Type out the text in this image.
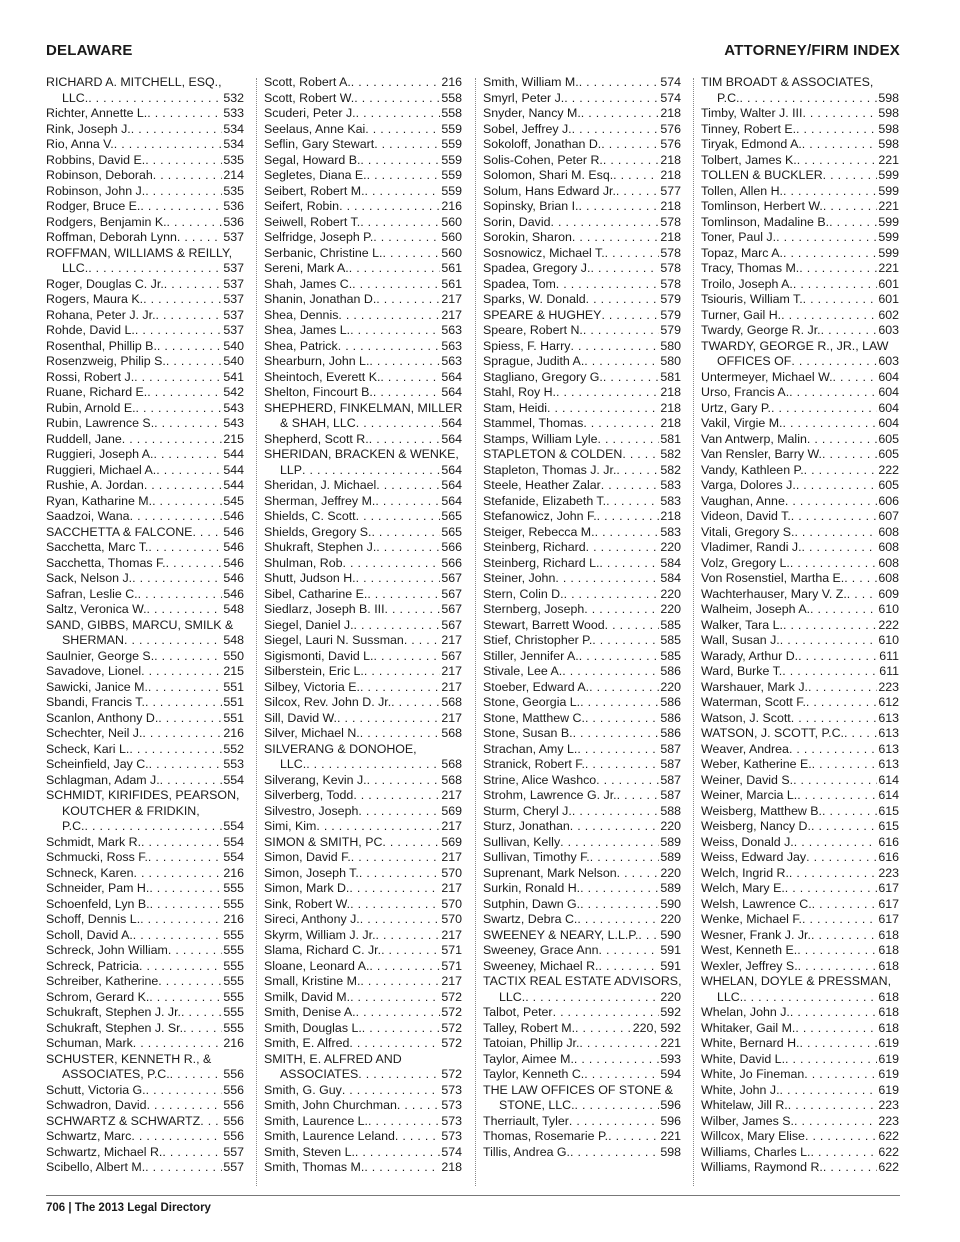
DELAWARE	ATTORNEY/FIRM INDEX
RICHARD A. MITCHELL, ESQ.,
LLC. . . .	532
Richter, Annette L. . . .	533
Rink, Joseph J. . . .	534
Rio, Anna V. . . .	534
Robbins, David E. . . .	535
Robinson, Deborah . . .	214
Robinson, John J. . . .	535
Rodger, Bruce E. . . .	536
Rodgers, Benjamin K. . . .	536
Roffman, Deborah Lynn . . .	537
ROFFMAN, WILLIAMS & REILLY,
LLC. . . .	537
Roger, Douglas C. Jr. . . .	537
Rogers, Maura K. . . .	537
Rohana, Peter J. Jr. . . .	537
Rohde, David L. . . .	537
Rosenthal, Phillip B. . . .	540
Rosenzweig, Philip S. . . .	540
Rossi, Robert J. . . .	541
Ruane, Richard E. . . .	542
Rubin, Arnold E. . . .	543
Rubin, Lawrence S. . . .	543
Ruddell, Jane . . .	215
Ruggieri, Joseph A. . . .	544
Ruggieri, Michael A. . . .	544
Rushie, A. Jordan . . .	544
Ryan, Katharine M. . . .	545
Saadzoi, Wana . . .	546
SACCHETTA & FALCONE . . . 546
Sacchetta, Marc T. . . .	546
Sacchetta, Thomas F. . . .	546
Sack, Nelson J. . . .	546
Safran, Leslie C. . . .	546
Saltz, Veronica W. . . .	548
SAND, GIBBS, MARCU, SMILK &
SHERMAN . . .	548
Saulnier, George S. . . .	550
Savadove, Lionel . . .	215
Sawicki, Janice M. . . .	551
Sbandi, Francis T. . . .	551
Scanlon, Anthony D. . . .	551
Schechter, Neil J. . . .	216
Scheck, Kari L. . . .	552
Scheinfield, Jay C. . . .	553
Schlagman, Adam J. . . .	554
SCHMIDT, KIRIFIDES, PEARSON,
KOUTCHER & FRIDKIN,
P.C. . . .	554
Schmidt, Mark R. . . .	554
Schmucki, Ross F. . . .	554
Schneck, Karen . . .	216
Schneider, Pam H. . . .	555
Schoenfeld, Lyn B. . . .	555
Schoff, Dennis L. . . .	216
Scholl, David A. . . .	555
Schreck, John William . . .	555
Schreck, Patricia . . .	555
Schreiber, Katherine . . .	555
Schrom, Gerard K. . . .	555
Schukraft, Stephen J. Jr. . . .	555
Schukraft, Stephen J. Sr. . . .	555
Schuman, Mark . . .	216
SCHUSTER, KENNETH R., &
ASSOCIATES, P.C. . . .	556
Schutt, Victoria G. . . .	556
Schwadron, David . . .	556
SCHWARTZ & SCHWARTZ . . . 556
Schwartz, Marc . . .	556
Schwartz, Michael R. . . .	557
Scibello, Albert M. . . .	557
Scott, Robert A. . . .	216
Scott, Robert W. . . .	558
Scuderi, Peter J. . . .	558
Seelaus, Anne Kai . . .	559
Seflin, Gary Stewart . . .	559
Segal, Howard B. . . .	559
Segletes, Diana E. . . .	559
Seibert, Robert M. . . .	559
Seifert, Robin . . .	216
Seiwell, Robert T. . . .	560
Selfridge, Joseph P. . . .	560
Serbanic, Christine L. . . .	560
Sereni, Mark A. . . .	561
Shah, James C. . . .	561
Shanin, Jonathan D. . . .	217
Shea, Dennis . . .	217
Shea, James L. . . .	563
Shea, Patrick . . .	563
Shearburn, John L. . . .	563
Sheintoch, Everett K. . . .	564
Shelton, Fincourt B. . . .	564
SHEPHERD, FINKELMAN, MILLER
& SHAH, LLC . . .	564
Shepherd, Scott R. . . .	564
SHERIDAN, BRACKEN & WENKE,
LLP . . .	564
Sheridan, J. Michael . . .	564
Sherman, Jeffrey M. . . .	564
Shields, C. Scott . . .	565
Shields, Gregory S. . . .	565
Shukraft, Stephen J. . . .	566
Shulman, Rob . . .	566
Shutt, Judson H. . . .	567
Sibel, Catharine E. . . .	567
Siedlarz, Joseph B. III . . .	567
Siegel, Daniel J. . . .	567
Siegel, Lauri N. Sussman . . .	217
Sigismonti, David L. . . .	567
Silberstein, Eric L. . . .	217
Silbey, Victoria E. . . .	217
Silcox, Rev. John D. Jr. . . .	568
Sill, David W. . . .	217
Silver, Michael N. . . .	568
SILVERANG & DONOHOE,
LLC. . . .	568
Silverang, Kevin J. . . .	568
Silverberg, Todd . . .	217
Silvestro, Joseph . . .	569
Simi, Kim . . .	217
SIMON & SMITH, PC . . .	569
Simon, David F. . . .	217
Simon, Joseph T. . . .	570
Simon, Mark D. . . .	217
Sink, Robert W. . . .	570
Sireci, Anthony J. . . .	570
Skyrm, William J. Jr. . . .	217
Slama, Richard C. Jr. . . .	571
Sloane, Leonard A. . . .	571
Small, Kristine M. . . .	217
Smilk, David M. . . .	572
Smith, Denise A. . . .	572
Smith, Douglas L. . . .	572
Smith, E. Alfred . . .	572
SMITH, E. ALFRED AND
ASSOCIATES . . .	572
Smith, G. Guy . . .	573
Smith, John Churchman . . .	573
Smith, Laurence L. . . .	573
Smith, Laurence Leland . . .	573
Smith, Steven L. . . .	574
Smith, Thomas M. . . .	218
Smith, William M. . . .	574
Smyrl, Peter J. . . .	574
Snyder, Nancy M. . . .	218
Sobel, Jeffrey J. . . .	576
Sokoloff, Jonathan D. . . .	576
Solis-Cohen, Peter R. . . .	218
Solomon, Shari M. Esq. . . .	218
Solum, Hans Edward Jr. . . .	577
Sopinsky, Brian I. . . .	218
Sorin, David . . .	578
Sorokin, Sharon . . .	218
Sosnowicz, Michael T. . . .	578
Spadea, Gregory J. . . .	578
Spadea, Tom . . .	578
Sparks, W. Donald . . .	579
SPEARE & HUGHEY . . .	579
Speare, Robert N. . . .	579
Spiess, F. Harry . . .	580
Sprague, Judith A. . . .	580
Stagliano, Gregory G. . . .	581
Stahl, Roy H. . . .	218
Stam, Heidi . . .	218
Stammel, Thomas . . .	218
Stamps, William Lyle . . .	581
STAPLETON & COLDEN . . .	582
Stapleton, Thomas J. Jr. . . .	582
Steele, Heather Zalar . . .	583
Stefanide, Elizabeth T. . . .	583
Stefanowicz, John F. . . .	218
Steiger, Rebecca M. . . .	583
Steinberg, Richard . . .	220
Steinberg, Richard L. . . .	584
Steiner, John . . .	584
Stern, Colin D. . . .	220
Sternberg, Joseph . . .	220
Stewart, Barrett Wood . . .	585
Stief, Christopher P. . . .	585
Stiller, Jennifer A. . . .	585
Stivale, Lee A. . . .	586
Stoeber, Edward A. . . .	220
Stone, Georgia L. . . .	586
Stone, Matthew C. . . .	586
Stone, Susan B. . . .	586
Strachan, Amy L. . . .	587
Stranick, Robert F. . . .	587
Strine, Alice Washco . . .	587
Strohm, Lawrence G. Jr. . . .	587
Sturm, Cheryl J. . . .	588
Sturz, Jonathan . . .	220
Sullivan, Kelly . . .	589
Sullivan, Timothy F. . . .	589
Suprenant, Mark Nelson . . .	220
Surkin, Ronald H. . . .	589
Sutphin, Dawn G. . . .	590
Swartz, Debra C. . . .	220
SWEENEY & NEARY, L.L.P. . . . 590
Sweeney, Grace Ann . . .	591
Sweeney, Michael R. . . .	591
TACTIX REAL ESTATE ADVISORS,
LLC. . . .	220
Talbot, Peter . . .	592
Talley, Robert M. . . .	220, 592
Tatoian, Phillip Jr. . . .	221
Taylor, Aimee M. . . .	593
Taylor, Kenneth C. . . .	594
THE LAW OFFICES OF STONE &
STONE, LLC. . . .	596
Therriault, Tyler . . .	596
Thomas, Rosemarie P. . . .	221
Tillis, Andrea G. . . .	598
TIM BROADT & ASSOCIATES,
P.C. . . .	598
Timby, Walter J. III . . .	598
Tinney, Robert E. . . .	598
Tiryak, Edmond A. . . .	598
Tolbert, James K. . . .	221
TOLLEN & BUCKLER . . .	599
Tollen, Allen H. . . .	599
Tomlinson, Herbert W. . . .	221
Tomlinson, Madaline B. . . .	599
Toner, Paul J. . . .	599
Topaz, Marc A. . . .	599
Tracy, Thomas M. . . .	221
Troilo, Joseph A. . . .	601
Tsiouris, William T. . . .	601
Turner, Gail H. . . .	602
Twardy, George R. Jr. . . .	603
TWARDY, GEORGE R., JR., LAW
OFFICES OF . . .	603
Untermeyer, Michael W. . . .	604
Urso, Francis A. . . .	604
Urtz, Gary P. . . .	604
Vakil, Virgie M. . . .	604
Van Antwerp, Malin . . .	605
Van Rensler, Barry W. . . .	605
Vandy, Kathleen P. . . .	222
Varga, Dolores J. . . .	605
Vaughan, Anne . . .	606
Videon, David T. . . .	607
Vitali, Gregory S. . . .	608
Vladimer, Randi J. . . .	608
Volz, Gregory L. . . .	608
Von Rosenstiel, Martha E. . . .	608
Wachterhauser, Mary V. Z. . . .	609
Walheim, Joseph A. . . .	610
Walker, Tara L. . . .	222
Wall, Susan J. . . .	610
Warady, Arthur D. . . .	611
Ward, Burke T. . . .	611
Warshauer, Mark J. . . .	223
Waterman, Scott F. . . .	612
Watson, J. Scott . . .	613
WATSON, J. SCOTT, P.C. . . .	613
Weaver, Andrea . . .	613
Weber, Katherine E. . . .	613
Weiner, David S. . . .	614
Weiner, Marcia L. . . .	614
Weisberg, Matthew B. . . .	615
Weisberg, Nancy D. . . .	615
Weiss, Donald J. . . .	616
Weiss, Edward Jay . . .	616
Welch, Ingrid R. . . .	223
Welch, Mary E. . . .	617
Welsh, Lawrence C. . . .	617
Wenke, Michael F. . . .	617
Wesner, Frank J. Jr. . . .	618
West, Kenneth E. . . .	618
Wexler, Jeffrey S. . . .	618
WHELAN, DOYLE & PRESSMAN,
LLC. . . .	618
Whelan, John J. . . .	618
Whitaker, Gail M. . . .	618
White, Bernard H. . . .	619
White, David L. . . .	619
White, Jo Fineman . . .	619
White, John J. . . .	619
Whitelaw, Jill R. . . .	223
Wilber, James S. . . .	223
Willcox, Mary Elise . . .	622
Williams, Charles L. . . .	622
Williams, Raymond R. . . .	622
706 | The 2013 Legal Directory
